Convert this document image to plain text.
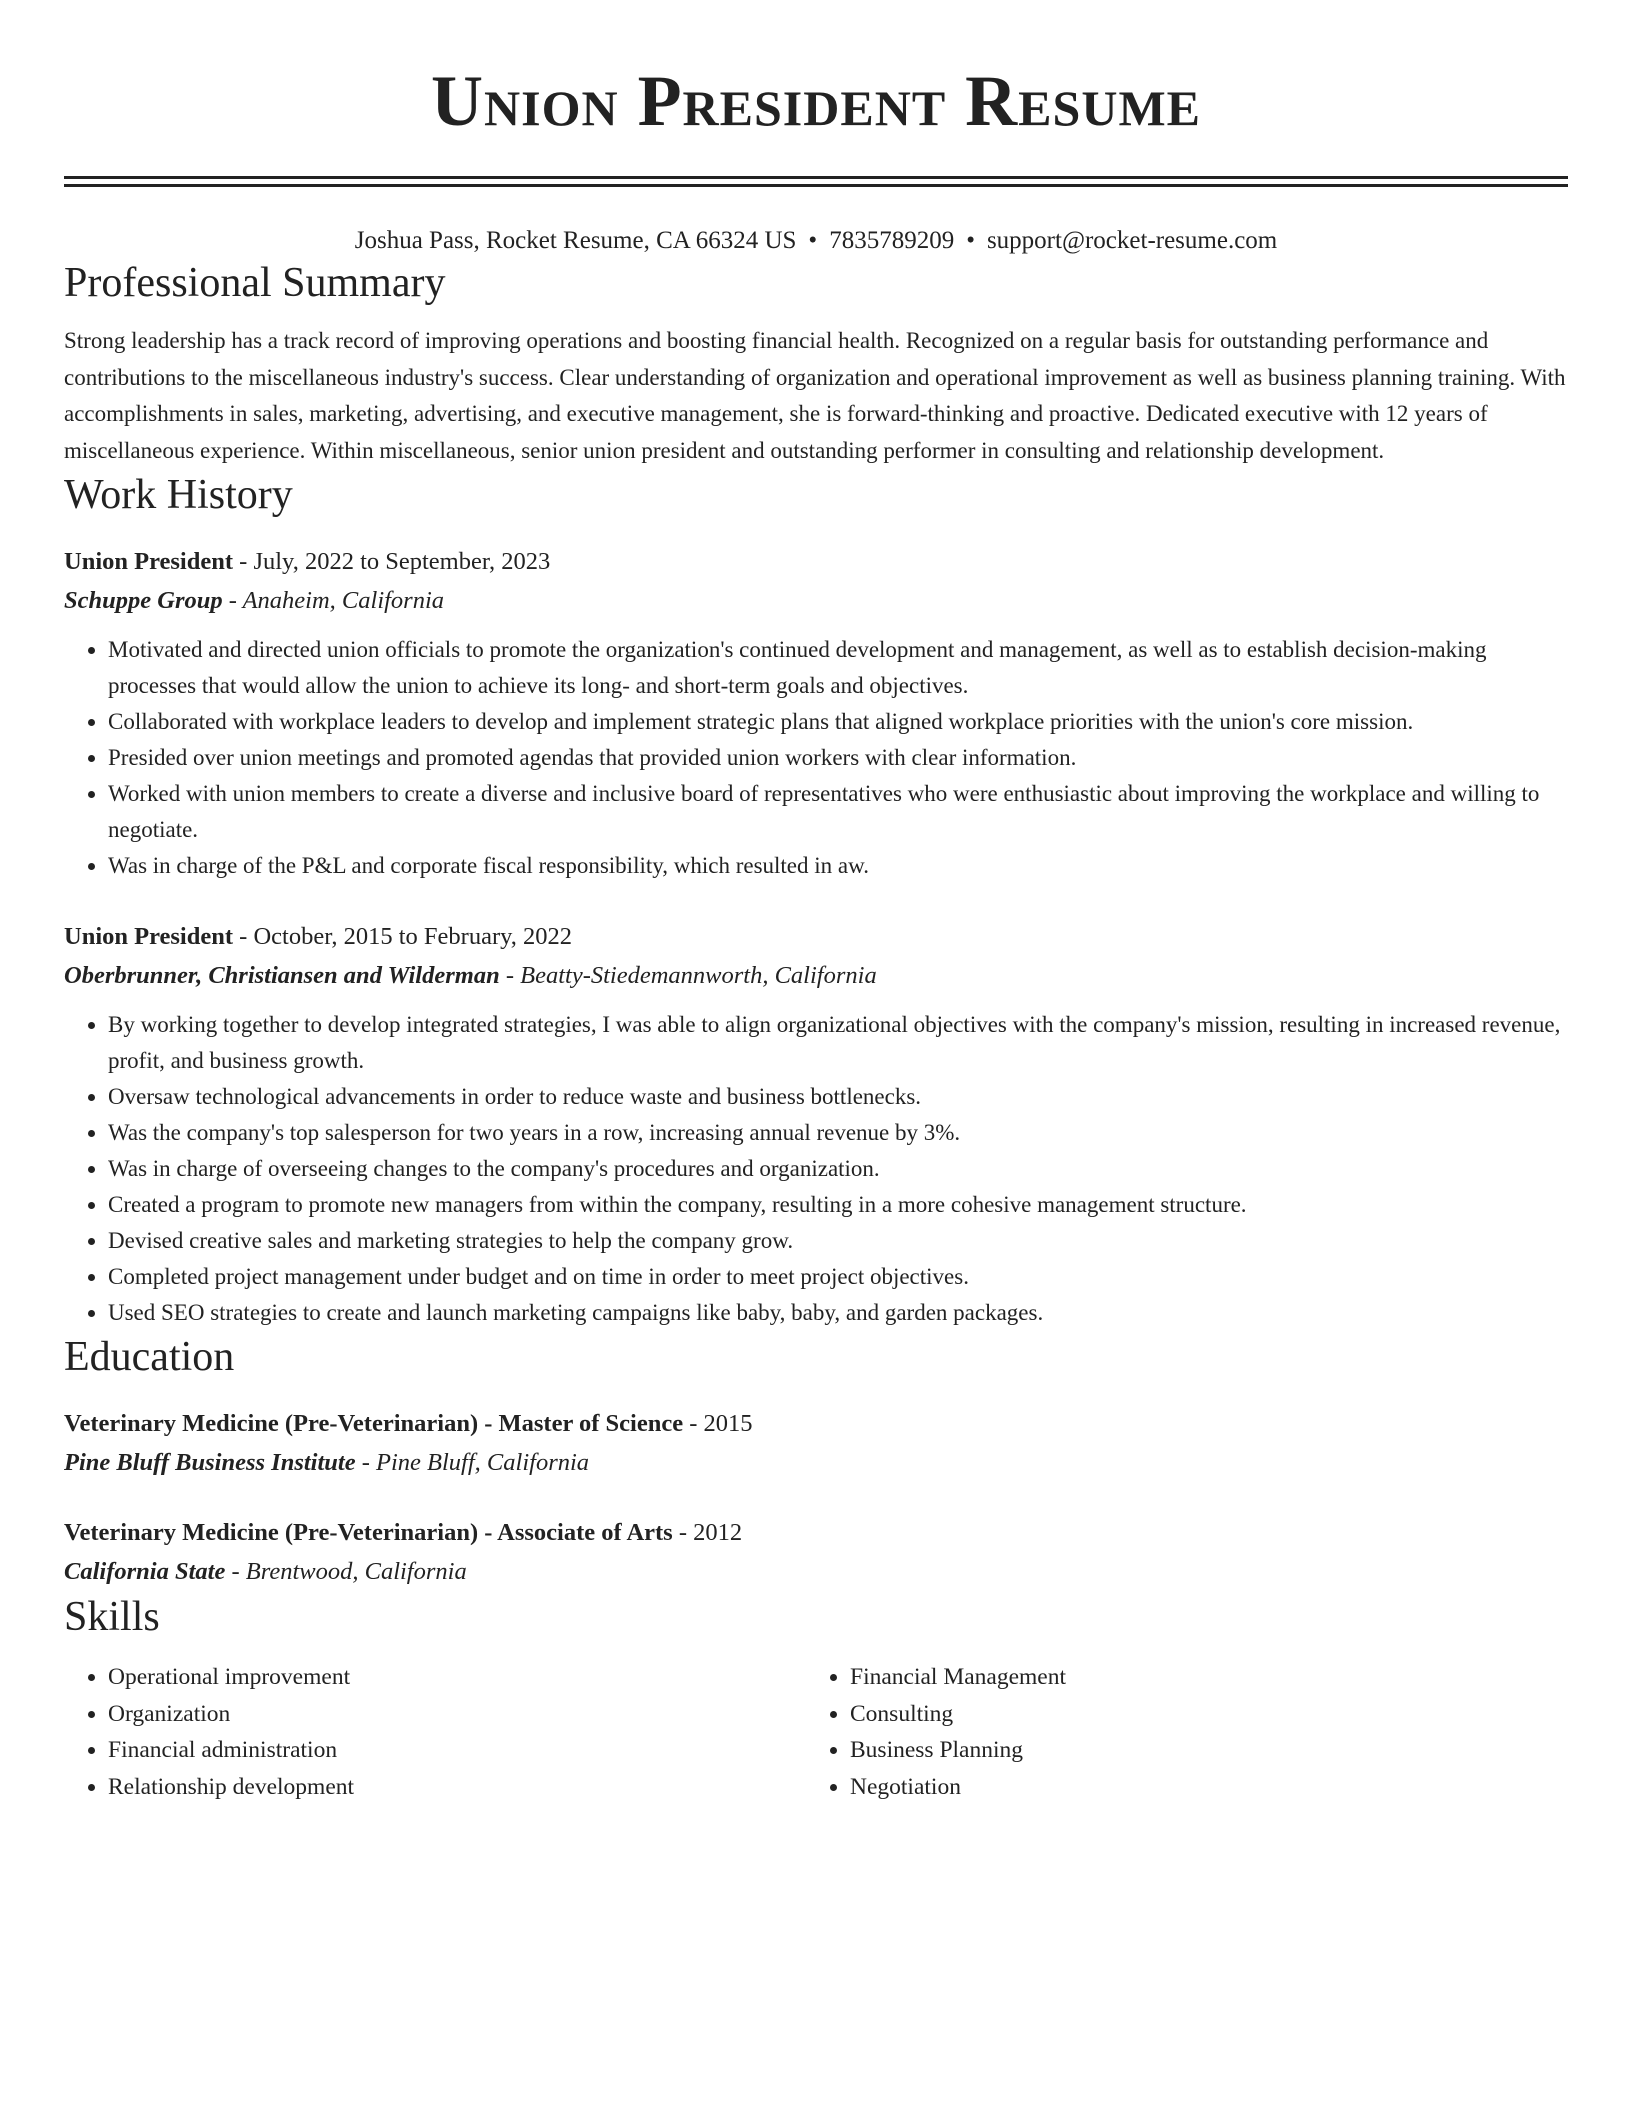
Union President Resume
Joshua Pass, Rocket Resume, CA 66324 US • 7835789209 • support@rocket-resume.com
Professional Summary

Strong leadership has a track record of improving operations and boosting financial health. Recognized on a regular basis for outstanding performance and contributions to the miscellaneous industry's success. Clear understanding of organization and operational improvement as well as business planning training. With accomplishments in sales, marketing, advertising, and executive management, she is forward-thinking and proactive. Dedicated executive with 12 years of miscellaneous experience. Within miscellaneous, senior union president and outstanding performer in consulting and relationship development.

Work History
Union President - July, 2022 to September, 2023
Schuppe Group - Anaheim, California
• Motivated and directed union officials to promote the organization's continued development and management, as well as to establish decision-making processes that would allow the union to achieve its long- and short-term goals and objectives.
• Collaborated with workplace leaders to develop and implement strategic plans that aligned workplace priorities with the union's core mission.
• Presided over union meetings and promoted agendas that provided union workers with clear information.
• Worked with union members to create a diverse and inclusive board of representatives who were enthusiastic about improving the workplace and willing to negotiate.
• Was in charge of the P&L and corporate fiscal responsibility, which resulted in aw.
Union President - October, 2015 to February, 2022
Oberbrunner, Christiansen and Wilderman - Beatty-Stiedemannworth, California
• By working together to develop integrated strategies, I was able to align organizational objectives with the company's mission, resulting in increased revenue, profit, and business growth.
• Oversaw technological advancements in order to reduce waste and business bottlenecks.
• Was the company's top salesperson for two years in a row, increasing annual revenue by 3%.
• Was in charge of overseeing changes to the company's procedures and organization.
• Created a program to promote new managers from within the company, resulting in a more cohesive management structure.
• Devised creative sales and marketing strategies to help the company grow.
• Completed project management under budget and on time in order to meet project objectives.
• Used SEO strategies to create and launch marketing campaigns like baby, baby, and garden packages.
Education
Veterinary Medicine (Pre-Veterinarian) - Master of Science - 2015
Pine Bluff Business Institute - Pine Bluff, California
Veterinary Medicine (Pre-Veterinarian) - Associate of Arts - 2012
California State - Brentwood, California
Skills
• Operational improvement
• Organization
• Financial administration
• Relationship development
• Financial Management
• Consulting
• Business Planning
• Negotiation
